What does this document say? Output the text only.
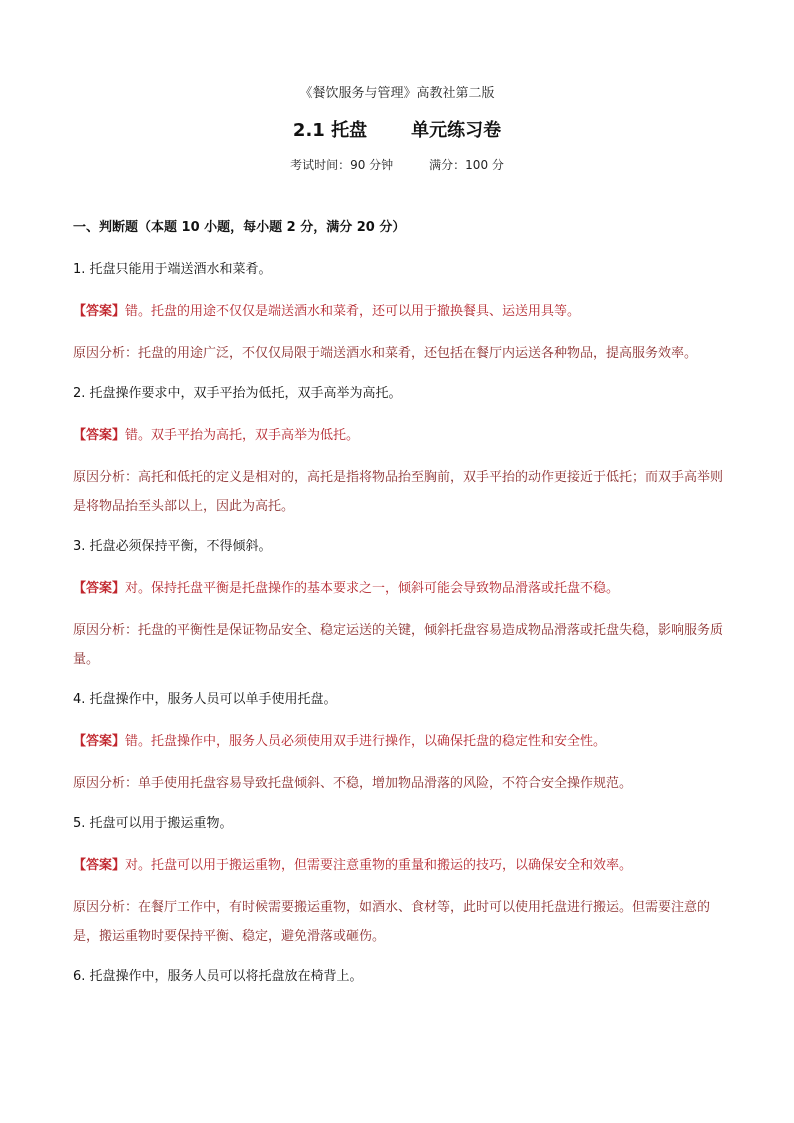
《餐饮服务与管理》高教社第二版
2.1 托盘 单元练习卷
考试时间：90 分钟	满分：100 分
一、判断题（本题 10 小题，每小题 2 分，满分 20 分）
1. 托盘只能用于端送酒水和菜肴。
【答案】错。托盘的用途不仅仅是端送酒水和菜肴，还可以用于撤换餐具、运送用具等。
原因分析：托盘的用途广泛，不仅仅局限于端送酒水和菜肴，还包括在餐厅内运送各种物品，提高服务效率。
2. 托盘操作要求中，双手平抬为低托，双手高举为高托。
【答案】错。双手平抬为高托，双手高举为低托。
原因分析：高托和低托的定义是相对的，高托是指将物品抬至胸前，双手平抬的动作更接近于低托；而双手高举则是将物品抬至头部以上，因此为高托。
3. 托盘必须保持平衡，不得倾斜。
【答案】对。保持托盘平衡是托盘操作的基本要求之一，倾斜可能会导致物品滑落或托盘不稳。
原因分析：托盘的平衡性是保证物品安全、稳定运送的关键，倾斜托盘容易造成物品滑落或托盘失稳，影响服务质量。
4. 托盘操作中，服务人员可以单手使用托盘。
【答案】错。托盘操作中，服务人员必须使用双手进行操作，以确保托盘的稳定性和安全性。
原因分析：单手使用托盘容易导致托盘倾斜、不稳，增加物品滑落的风险，不符合安全操作规范。
5. 托盘可以用于搬运重物。
【答案】对。托盘可以用于搬运重物，但需要注意重物的重量和搬运的技巧，以确保安全和效率。
原因分析：在餐厅工作中，有时候需要搬运重物，如酒水、食材等，此时可以使用托盘进行搬运。但需要注意的是，搬运重物时要保持平衡、稳定，避免滑落或砸伤。
6. 托盘操作中，服务人员可以将托盘放在椅背上。
